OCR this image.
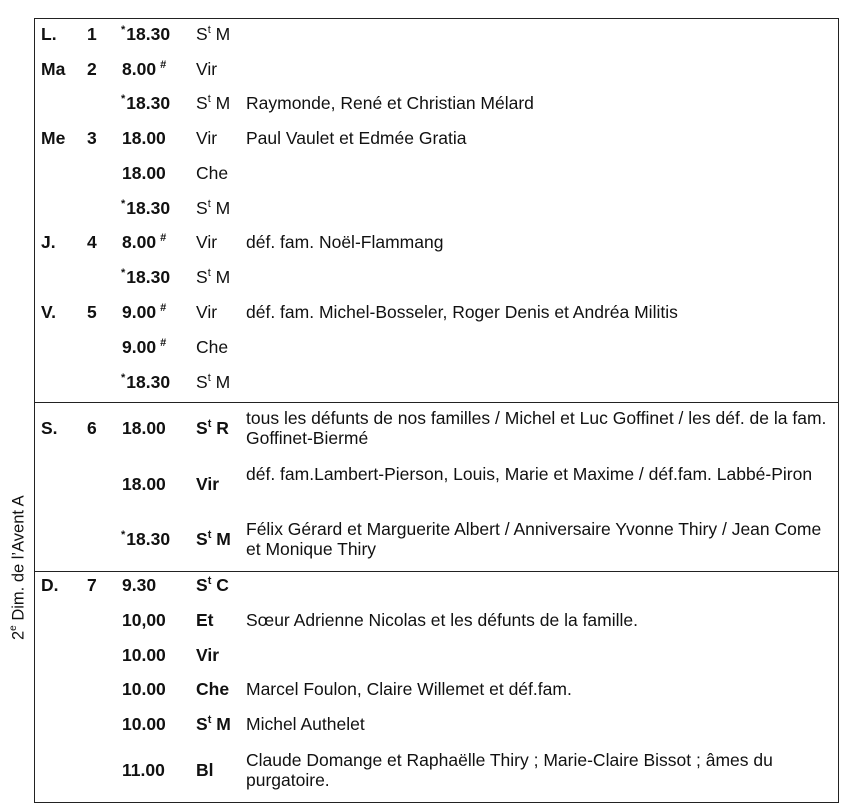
2e Dim. de l’Avent A
L. 1 *18.30 $S^t$ M
Ma 2 8.00 # Vir
*18.30 $S^t$ M Raymonde, René et Christian Mélard
Me 3 18.00 Vir Paul Vaulet et Edmée Gratia
18.00 Che
*18.30 $S^t$ M
J. 4 8.00 # Vir déf. fam. Noël-Flammang
*18.30 $S^t$ M
V. 5 9.00 # Vir déf. fam. Michel-Bosseler, Roger Denis et Andréa Militis
9.00 # Che
*18.30 $S^t$ M
S. 6 18.00 $S^t$ R tous les défunts de nos familles / Michel et Luc Goffinet / les déf. de la fam. Goffinet-Biermé
18.00 Vir déf. fam.Lambert-Pierson, Louis, Marie et Maxime / déf.fam. Labbé-Piron
*18.30 $S^t$ M Félix Gérard et Marguerite Albert / Anniversaire Yvonne Thiry / Jean Come et Monique Thiry
D. 7 9.30 $S^t$ C
10,00 Et Sœur Adrienne Nicolas et les défunts de la famille.
10.00 Vir
10.00 Che Marcel Foulon, Claire Willemet et déf.fam.
10.00 $S^t$ M Michel Authelet
11.00 Bl Claude Domange et Raphaëlle Thiry ; Marie-Claire Bissot ; âmes du purgatoire.
